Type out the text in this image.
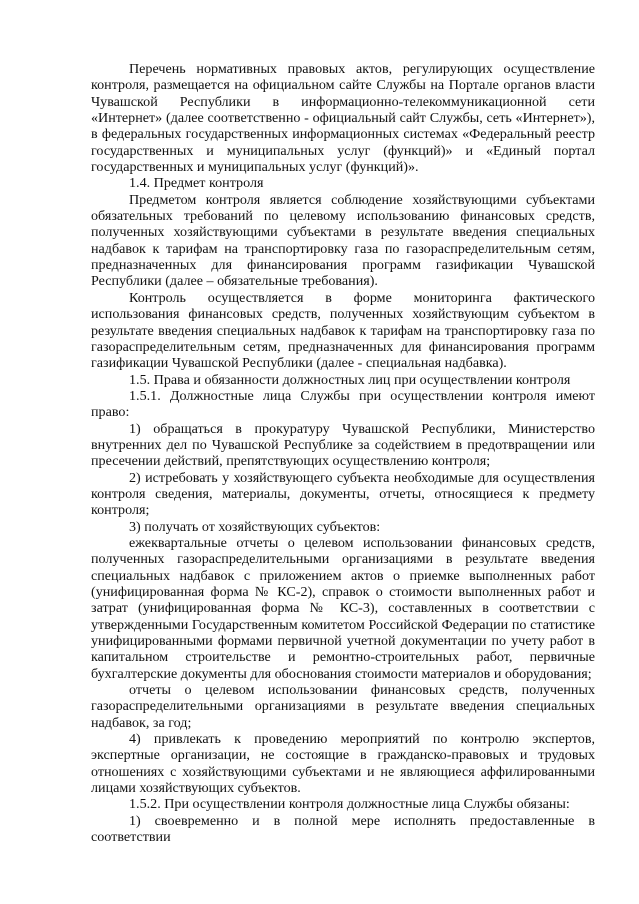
Перечень нормативных правовых актов, регулирующих осуществление контроля, размещается на официальном сайте Службы на Портале органов власти Чувашской Республики в информационно-телекоммуникационной сети «Интернет» (далее соответственно - официальный сайт Службы, сеть «Интернет»), в федеральных государственных информационных системах «Федеральный реестр государственных и муниципальных услуг (функций)» и «Единый портал государственных и муниципальных услуг (функций)».

1.4. Предмет контроля

Предметом контроля является соблюдение хозяйствующими субъектами обязательных требований по целевому использованию финансовых средств, полученных хозяйствующими субъектами в результате введения специальных надбавок к тарифам на транспортировку газа по газораспределительным сетям, предназначенных для финансирования программ газификации Чувашской Республики (далее – обязательные требования).

Контроль осуществляется в форме мониторинга фактического использования финансовых средств, полученных хозяйствующим субъектом в результате введения специальных надбавок к тарифам на транспортировку газа по газораспределительным сетям, предназначенных для финансирования программ газификации Чувашской Республики (далее - специальная надбавка).

1.5. Права и обязанности должностных лиц при осуществлении контроля

1.5.1. Должностные лица Службы при осуществлении контроля имеют право:

1) обращаться в прокуратуру Чувашской Республики, Министерство внутренних дел по Чувашской Республике за содействием в предотвращении или пресечении действий, препятствующих осуществлению контроля;

2) истребовать у хозяйствующего субъекта необходимые для осуществления контроля сведения, материалы, документы, отчеты, относящиеся к предмету контроля;

3) получать от хозяйствующих субъектов:

ежеквартальные отчеты о целевом использовании финансовых средств, полученных газораспределительными организациями в результате введения специальных надбавок с приложением актов о приемке выполненных работ (унифицированная форма № КС-2), справок о стоимости выполненных работ и затрат (унифицированная форма № КС-3), составленных в соответствии с утвержденными Государственным комитетом Российской Федерации по статистике унифицированными формами первичной учетной документации по учету работ в капитальном строительстве и ремонтно-строительных работ, первичные бухгалтерские документы для обоснования стоимости материалов и оборудования;

отчеты о целевом использовании финансовых средств, полученных газораспределительными организациями в результате введения специальных надбавок, за год;

4) привлекать к проведению мероприятий по контролю экспертов, экспертные организации, не состоящие в гражданско-правовых и трудовых отношениях с хозяйствующими субъектами и не являющиеся аффилированными лицами хозяйствующих субъектов.

1.5.2. При осуществлении контроля должностные лица Службы обязаны:

1) своевременно и в полной мере исполнять предоставленные в соответствии
